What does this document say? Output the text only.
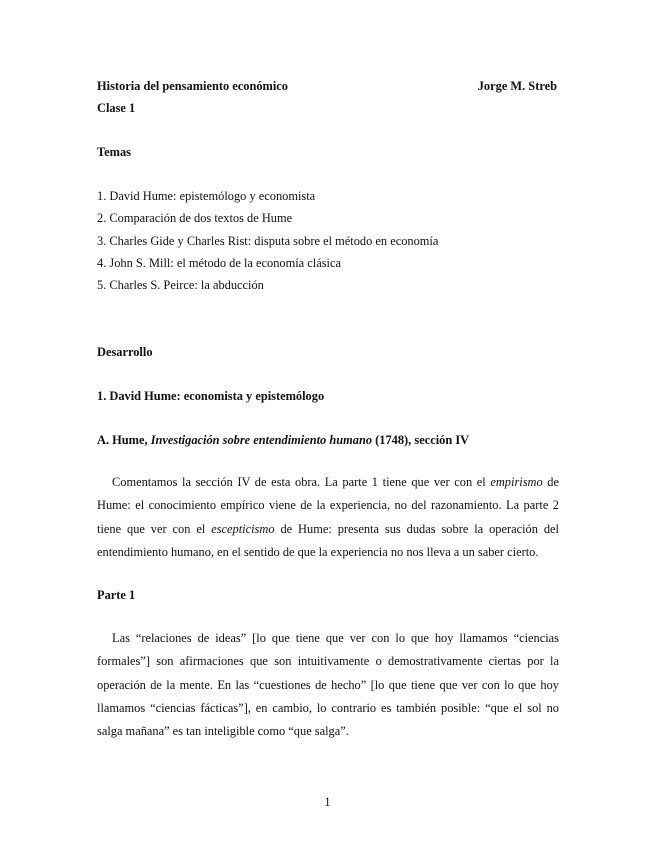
Historia del pensamiento económico	Jorge M. Streb
Clase 1
Temas
1. David Hume: epistemólogo y economista
2. Comparación de dos textos de Hume
3. Charles Gide y Charles Rist: disputa sobre el método en economía
4. John S. Mill: el método de la economía clásica
5. Charles S. Peirce: la abducción
Desarrollo
1. David Hume: economista y epistemólogo
A. Hume, Investigación sobre entendimiento humano (1748), sección IV

Comentamos la sección IV de esta obra. La parte 1 tiene que ver con el empirismo de Hume: el conocimiento empírico viene de la experiencia, no del razonamiento. La parte 2 tiene que ver con el escepticismo de Hume: presenta sus dudas sobre la operación del entendimiento humano, en el sentido de que la experiencia no nos lleva a un saber cierto.

Parte 1

Las “relaciones de ideas” [lo que tiene que ver con lo que hoy llamamos “ciencias formales”] son afirmaciones que son intuitivamente o demostrativamente ciertas por la operación de la mente. En las “cuestiones de hecho” [lo que tiene que ver con lo que hoy llamamos “ciencias fácticas”], en cambio, lo contrario es también posible: “que el sol no salga mañana” es tan inteligible como “que salga”.

1
